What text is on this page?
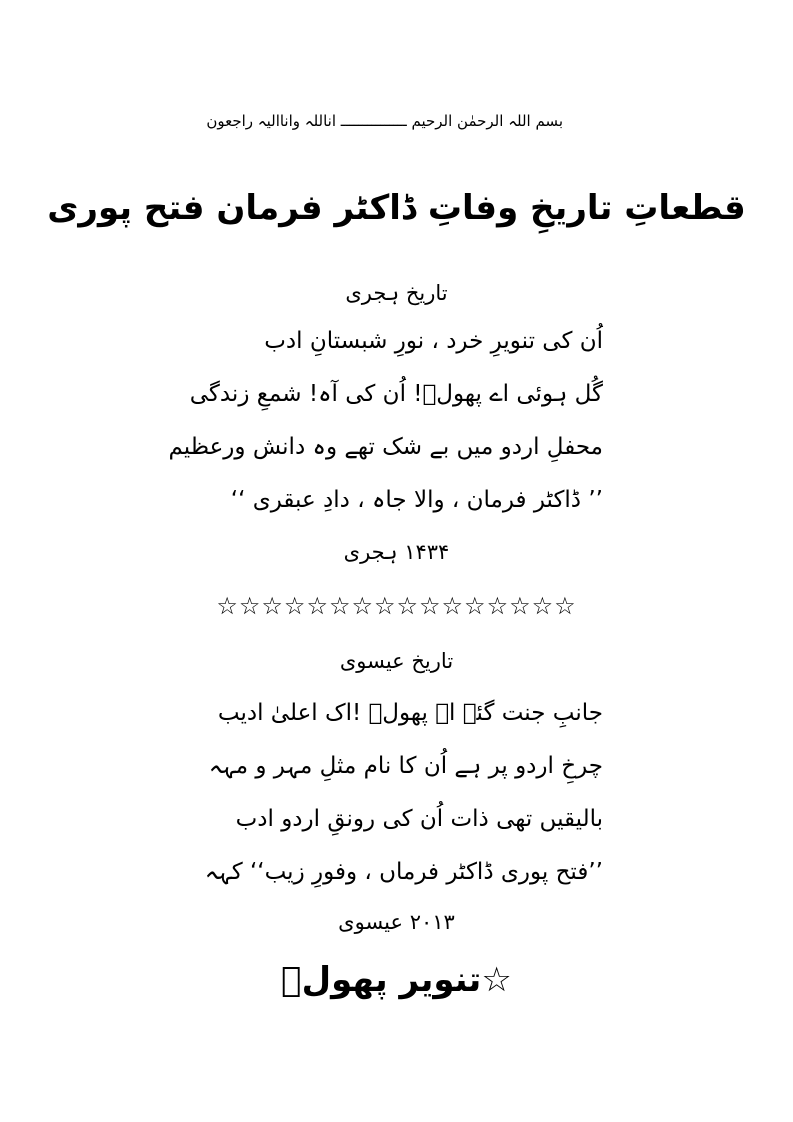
بسم اللہ الرحمٰن الرحیم ـــــــــــــــ اناللہ واناالیہ راجعون
قطعاتِ تاریخِ وفاتِ ڈاکٹر فرمان فتح پوری
تاریخ ہجری
اُن کی تنویرِ خرد ، نورِ شبستانِ ادب
گُل ہوئی اے پھولؔ! اُن کی آہ! شمعِ زندگی
محفلِ اردو میں بے شک تھے وہ دانش ورعظیم
’’ ڈاکٹر فرمان ، والا جاہ ، دادِ عبقری ‘‘
۱۴۳۴ ہجری
☆☆☆☆☆☆☆☆☆☆☆☆☆☆☆☆
تاریخ عیسوی
جانبِ جنت گئے اے پھولؔ !اک اعلیٰ ادیب
چرخِ اردو پر ہے اُن کا نام مثلِ مہر و مہہ
بالیقیں تھی ذات اُن کی رونقِ اردو ادب
’’فتح پوری ڈاکٹر فرماں ، وفورِ زیب‘‘ کہہ
۲۰۱۳ عیسوی
☆تنویر پھولؔ
